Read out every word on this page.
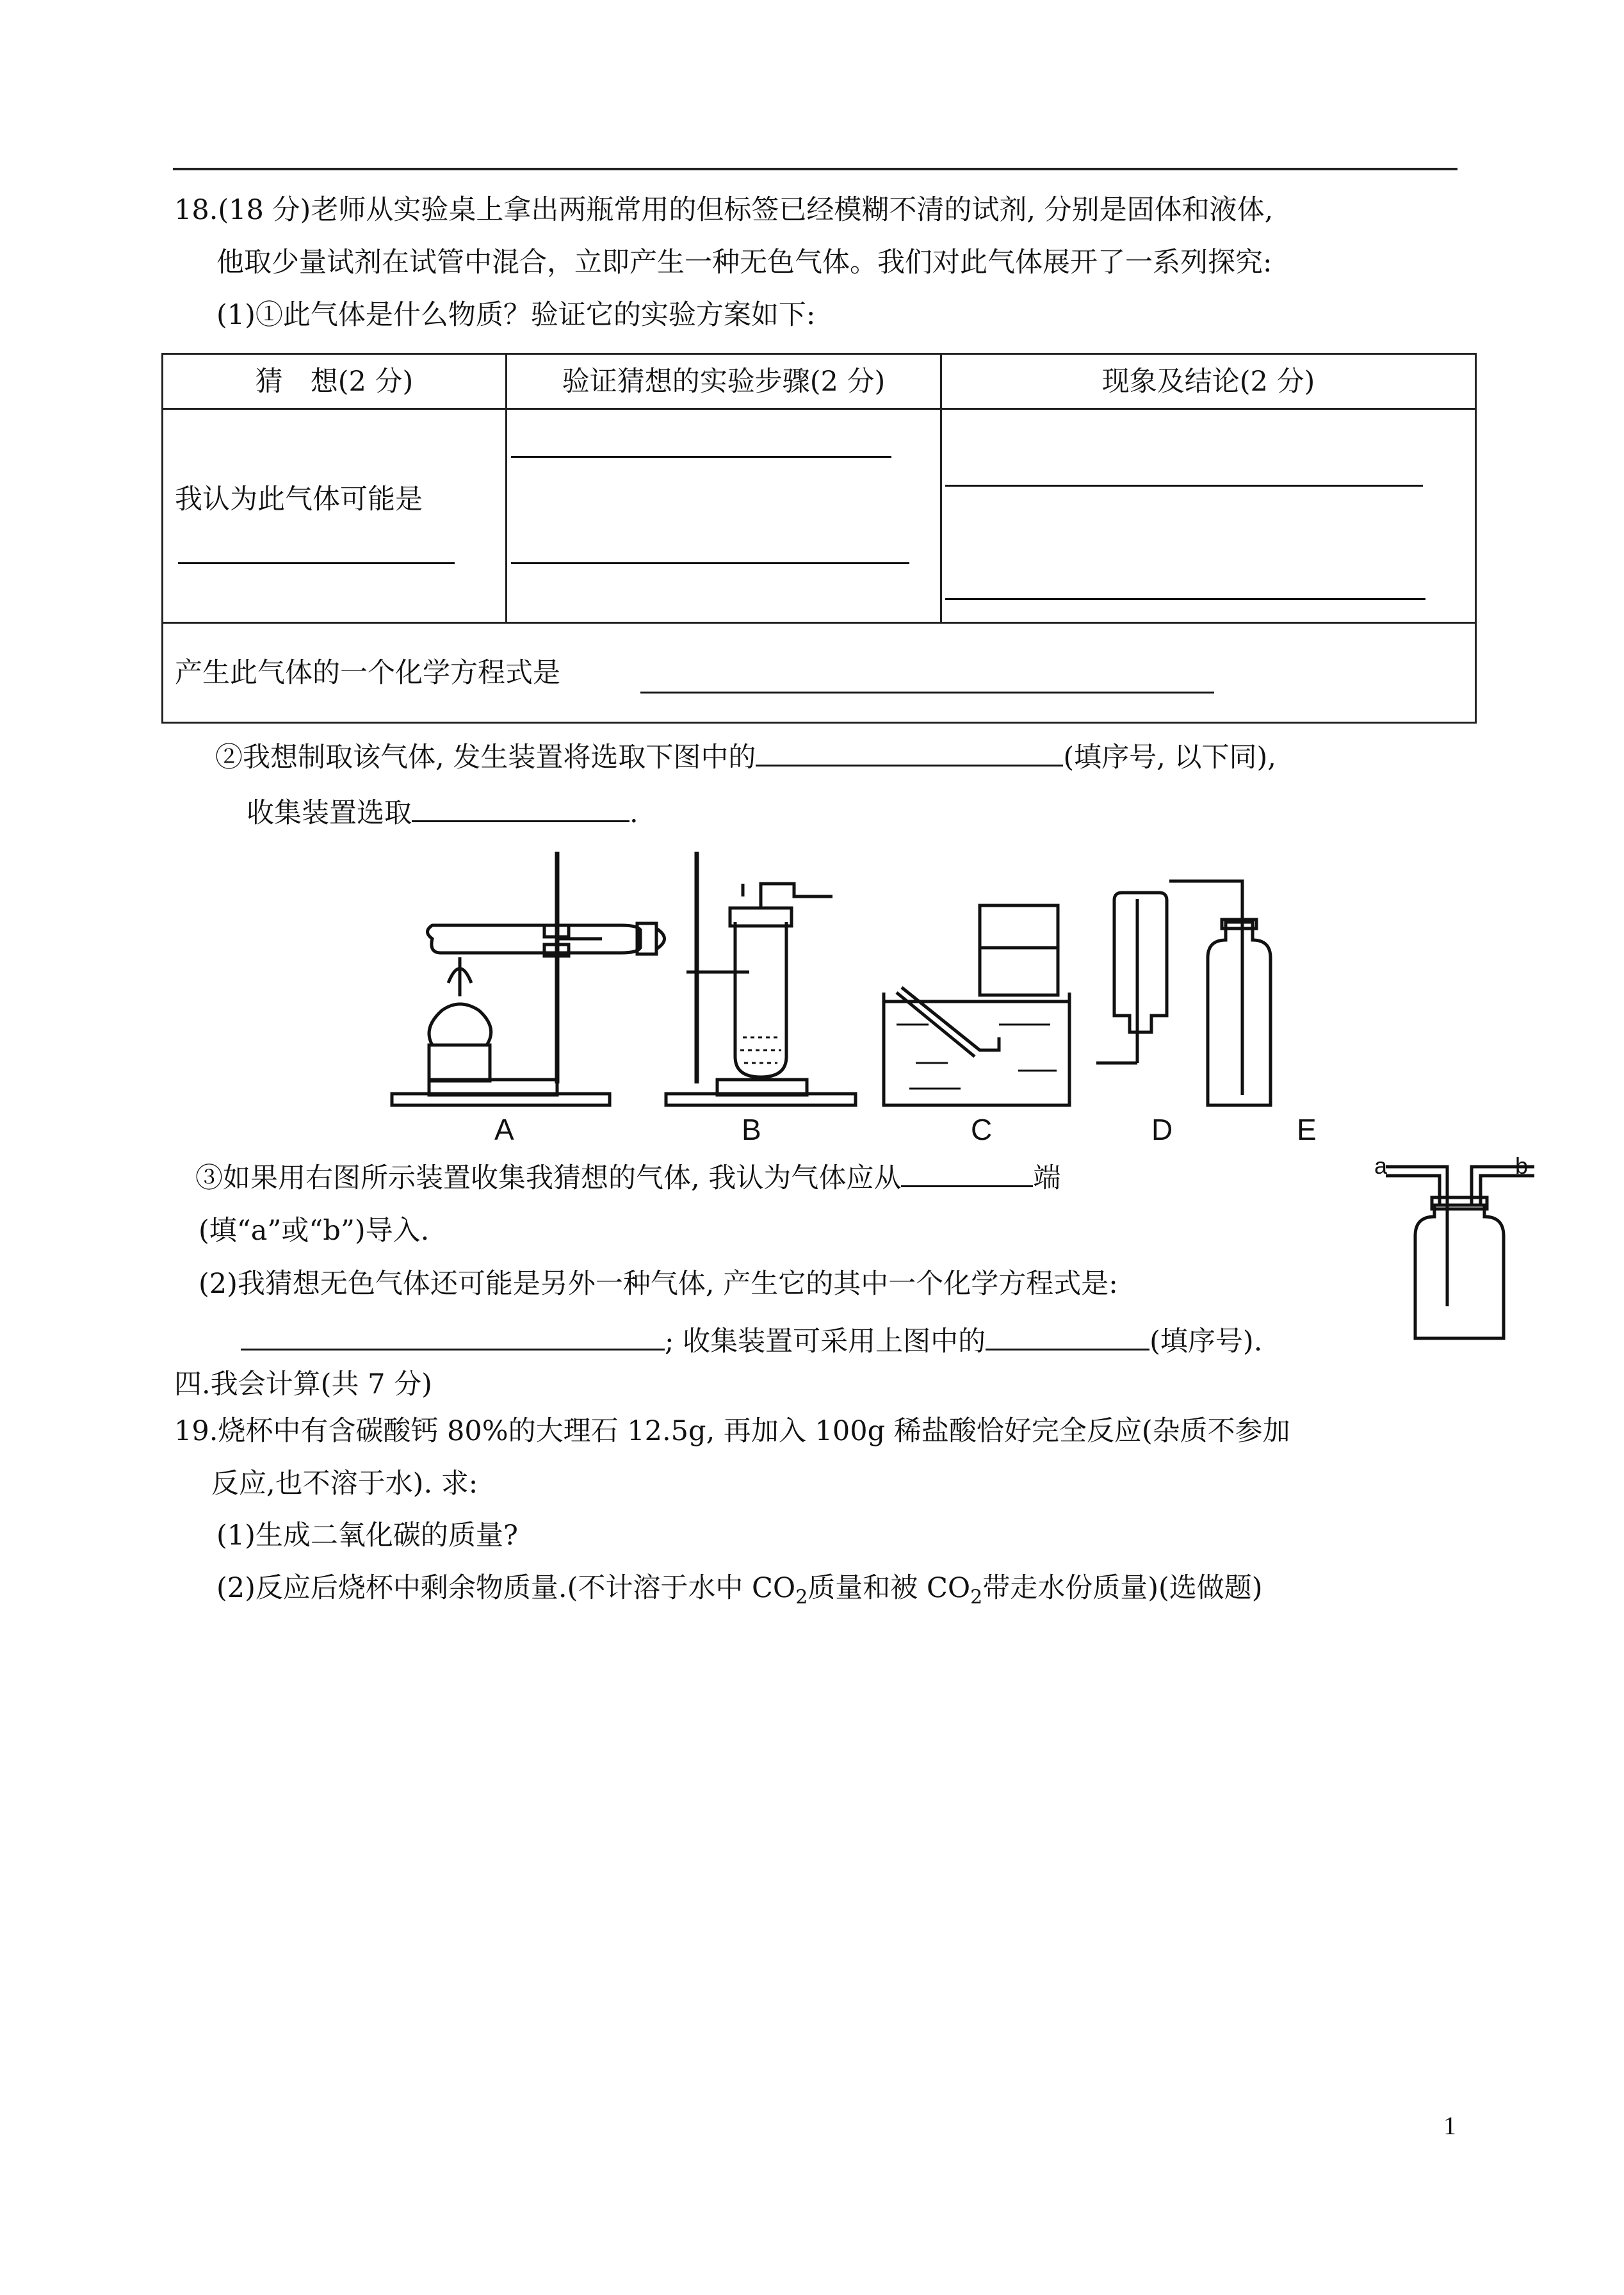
18.(18 分)老师从实验桌上拿出两瓶常用的但标签已经模糊不清的试剂, 分别是固体和液体,
他取少量试剂在试管中混合，立即产生一种无色气体。我们对此气体展开了一系列探究:
(1)①此气体是什么物质？验证它的实验方案如下:
猜　想(2 分)	验证猜想的实验步骤(2 分)	现象及结论(2 分)

我认为此气体可能是		

产生此气体的一个化学方程式是		
②我想制取该气体, 发生装置将选取下图中的	(填序号, 以下同),
收集装置选取	.
A	B	C	D	E
③如果用右图所示装置收集我猜想的气体, 我认为气体应从	端
(填“a”或“b”)导入.
a	b
(2)我猜想无色气体还可能是另外一种气体, 产生它的其中一个化学方程式是:
; 收集装置可采用上图中的	(填序号).
四.我会计算(共 7 分)
19.烧杯中有含碳酸钙 80%的大理石 12.5g, 再加入 100g 稀盐酸恰好完全反应(杂质不参加
反应,也不溶于水). 求:
(1)生成二氧化碳的质量?
(2)反应后烧杯中剩余物质量.(不计溶于水中 $CO_2$质量和被 $CO_2$带走水份质量)(选做题)
1
